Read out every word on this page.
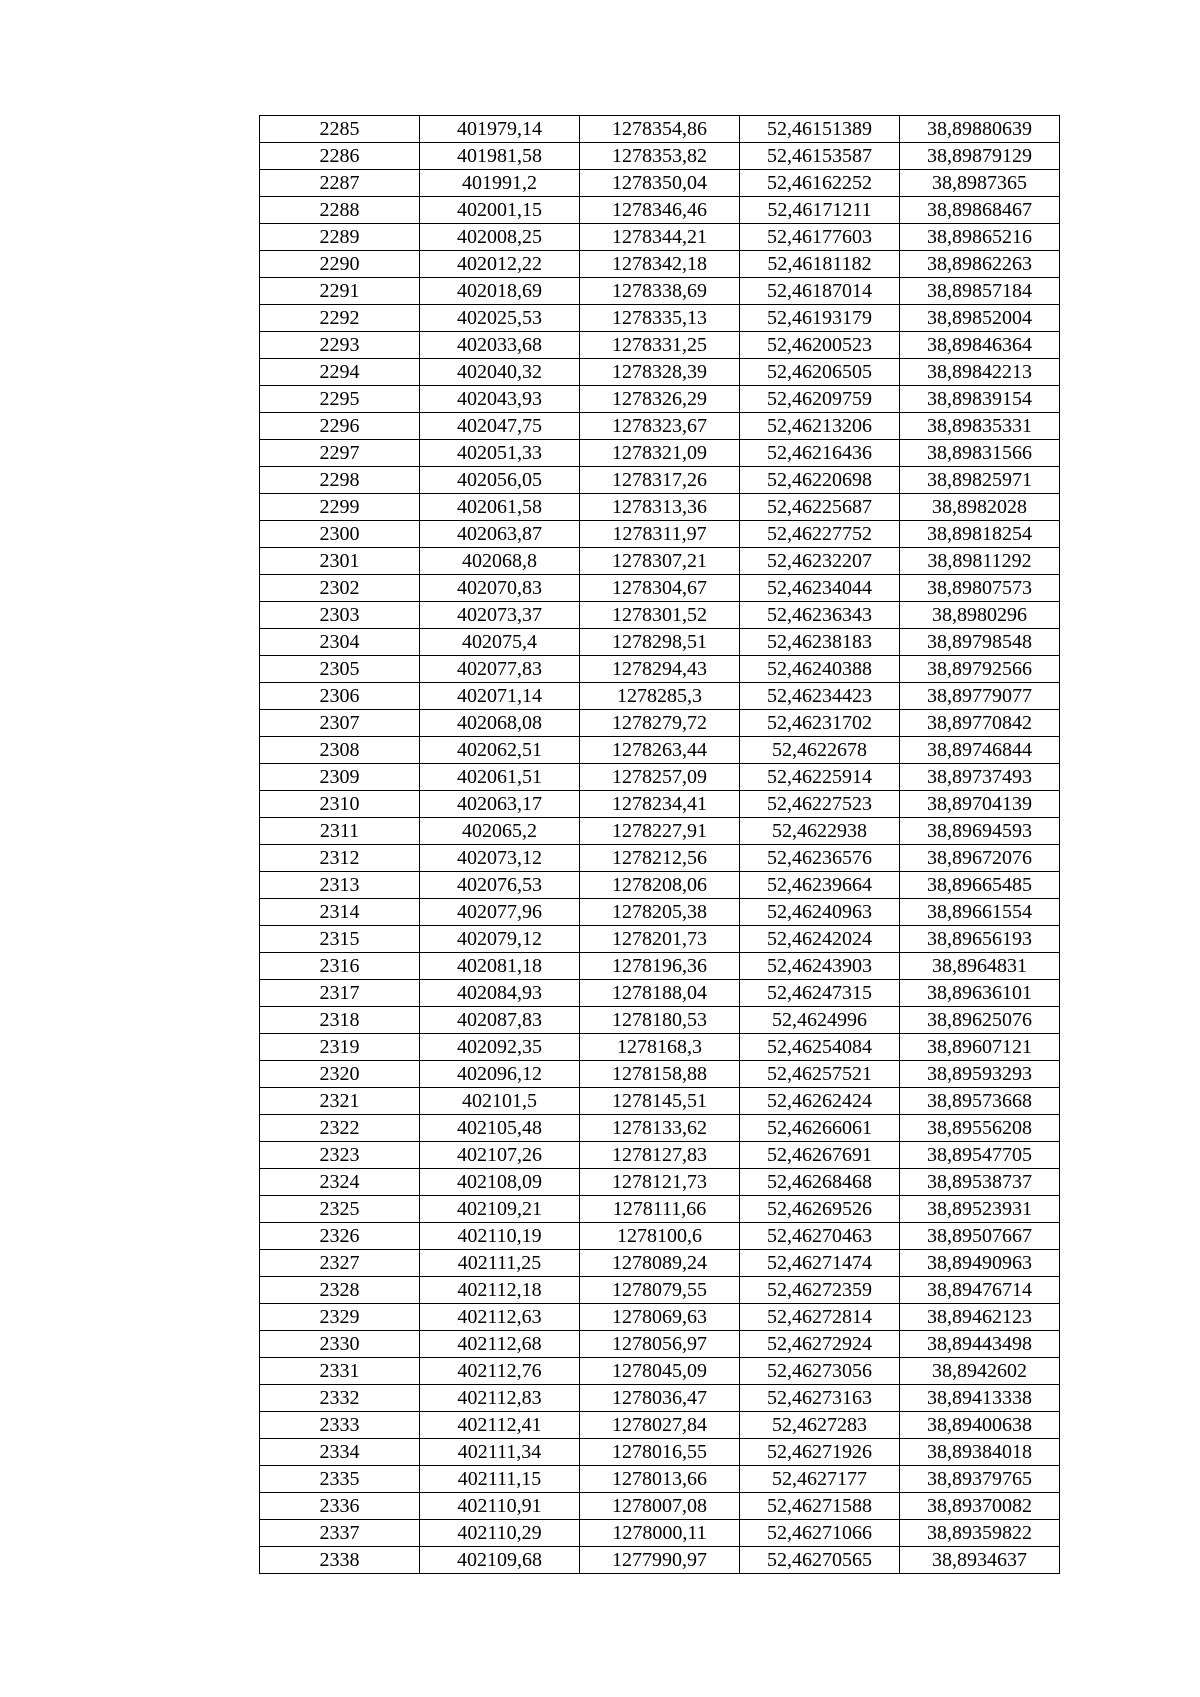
2285	401979,14	1278354,86	52,46151389	38,89880639
2286	401981,58	1278353,82	52,46153587	38,89879129
2287	401991,2	1278350,04	52,46162252	38,8987365
2288	402001,15	1278346,46	52,46171211	38,89868467
2289	402008,25	1278344,21	52,46177603	38,89865216
2290	402012,22	1278342,18	52,46181182	38,89862263
2291	402018,69	1278338,69	52,46187014	38,89857184
2292	402025,53	1278335,13	52,46193179	38,89852004
2293	402033,68	1278331,25	52,46200523	38,89846364
2294	402040,32	1278328,39	52,46206505	38,89842213
2295	402043,93	1278326,29	52,46209759	38,89839154
2296	402047,75	1278323,67	52,46213206	38,89835331
2297	402051,33	1278321,09	52,46216436	38,89831566
2298	402056,05	1278317,26	52,46220698	38,89825971
2299	402061,58	1278313,36	52,46225687	38,8982028
2300	402063,87	1278311,97	52,46227752	38,89818254
2301	402068,8	1278307,21	52,46232207	38,89811292
2302	402070,83	1278304,67	52,46234044	38,89807573
2303	402073,37	1278301,52	52,46236343	38,8980296
2304	402075,4	1278298,51	52,46238183	38,89798548
2305	402077,83	1278294,43	52,46240388	38,89792566
2306	402071,14	1278285,3	52,46234423	38,89779077
2307	402068,08	1278279,72	52,46231702	38,89770842
2308	402062,51	1278263,44	52,4622678	38,89746844
2309	402061,51	1278257,09	52,46225914	38,89737493
2310	402063,17	1278234,41	52,46227523	38,89704139
2311	402065,2	1278227,91	52,4622938	38,89694593
2312	402073,12	1278212,56	52,46236576	38,89672076
2313	402076,53	1278208,06	52,46239664	38,89665485
2314	402077,96	1278205,38	52,46240963	38,89661554
2315	402079,12	1278201,73	52,46242024	38,89656193
2316	402081,18	1278196,36	52,46243903	38,8964831
2317	402084,93	1278188,04	52,46247315	38,89636101
2318	402087,83	1278180,53	52,4624996	38,89625076
2319	402092,35	1278168,3	52,46254084	38,89607121
2320	402096,12	1278158,88	52,46257521	38,89593293
2321	402101,5	1278145,51	52,46262424	38,89573668
2322	402105,48	1278133,62	52,46266061	38,89556208
2323	402107,26	1278127,83	52,46267691	38,89547705
2324	402108,09	1278121,73	52,46268468	38,89538737
2325	402109,21	1278111,66	52,46269526	38,89523931
2326	402110,19	1278100,6	52,46270463	38,89507667
2327	402111,25	1278089,24	52,46271474	38,89490963
2328	402112,18	1278079,55	52,46272359	38,89476714
2329	402112,63	1278069,63	52,46272814	38,89462123
2330	402112,68	1278056,97	52,46272924	38,89443498
2331	402112,76	1278045,09	52,46273056	38,8942602
2332	402112,83	1278036,47	52,46273163	38,89413338
2333	402112,41	1278027,84	52,4627283	38,89400638
2334	402111,34	1278016,55	52,46271926	38,89384018
2335	402111,15	1278013,66	52,4627177	38,89379765
2336	402110,91	1278007,08	52,46271588	38,89370082
2337	402110,29	1278000,11	52,46271066	38,89359822
2338	402109,68	1277990,97	52,46270565	38,8934637
